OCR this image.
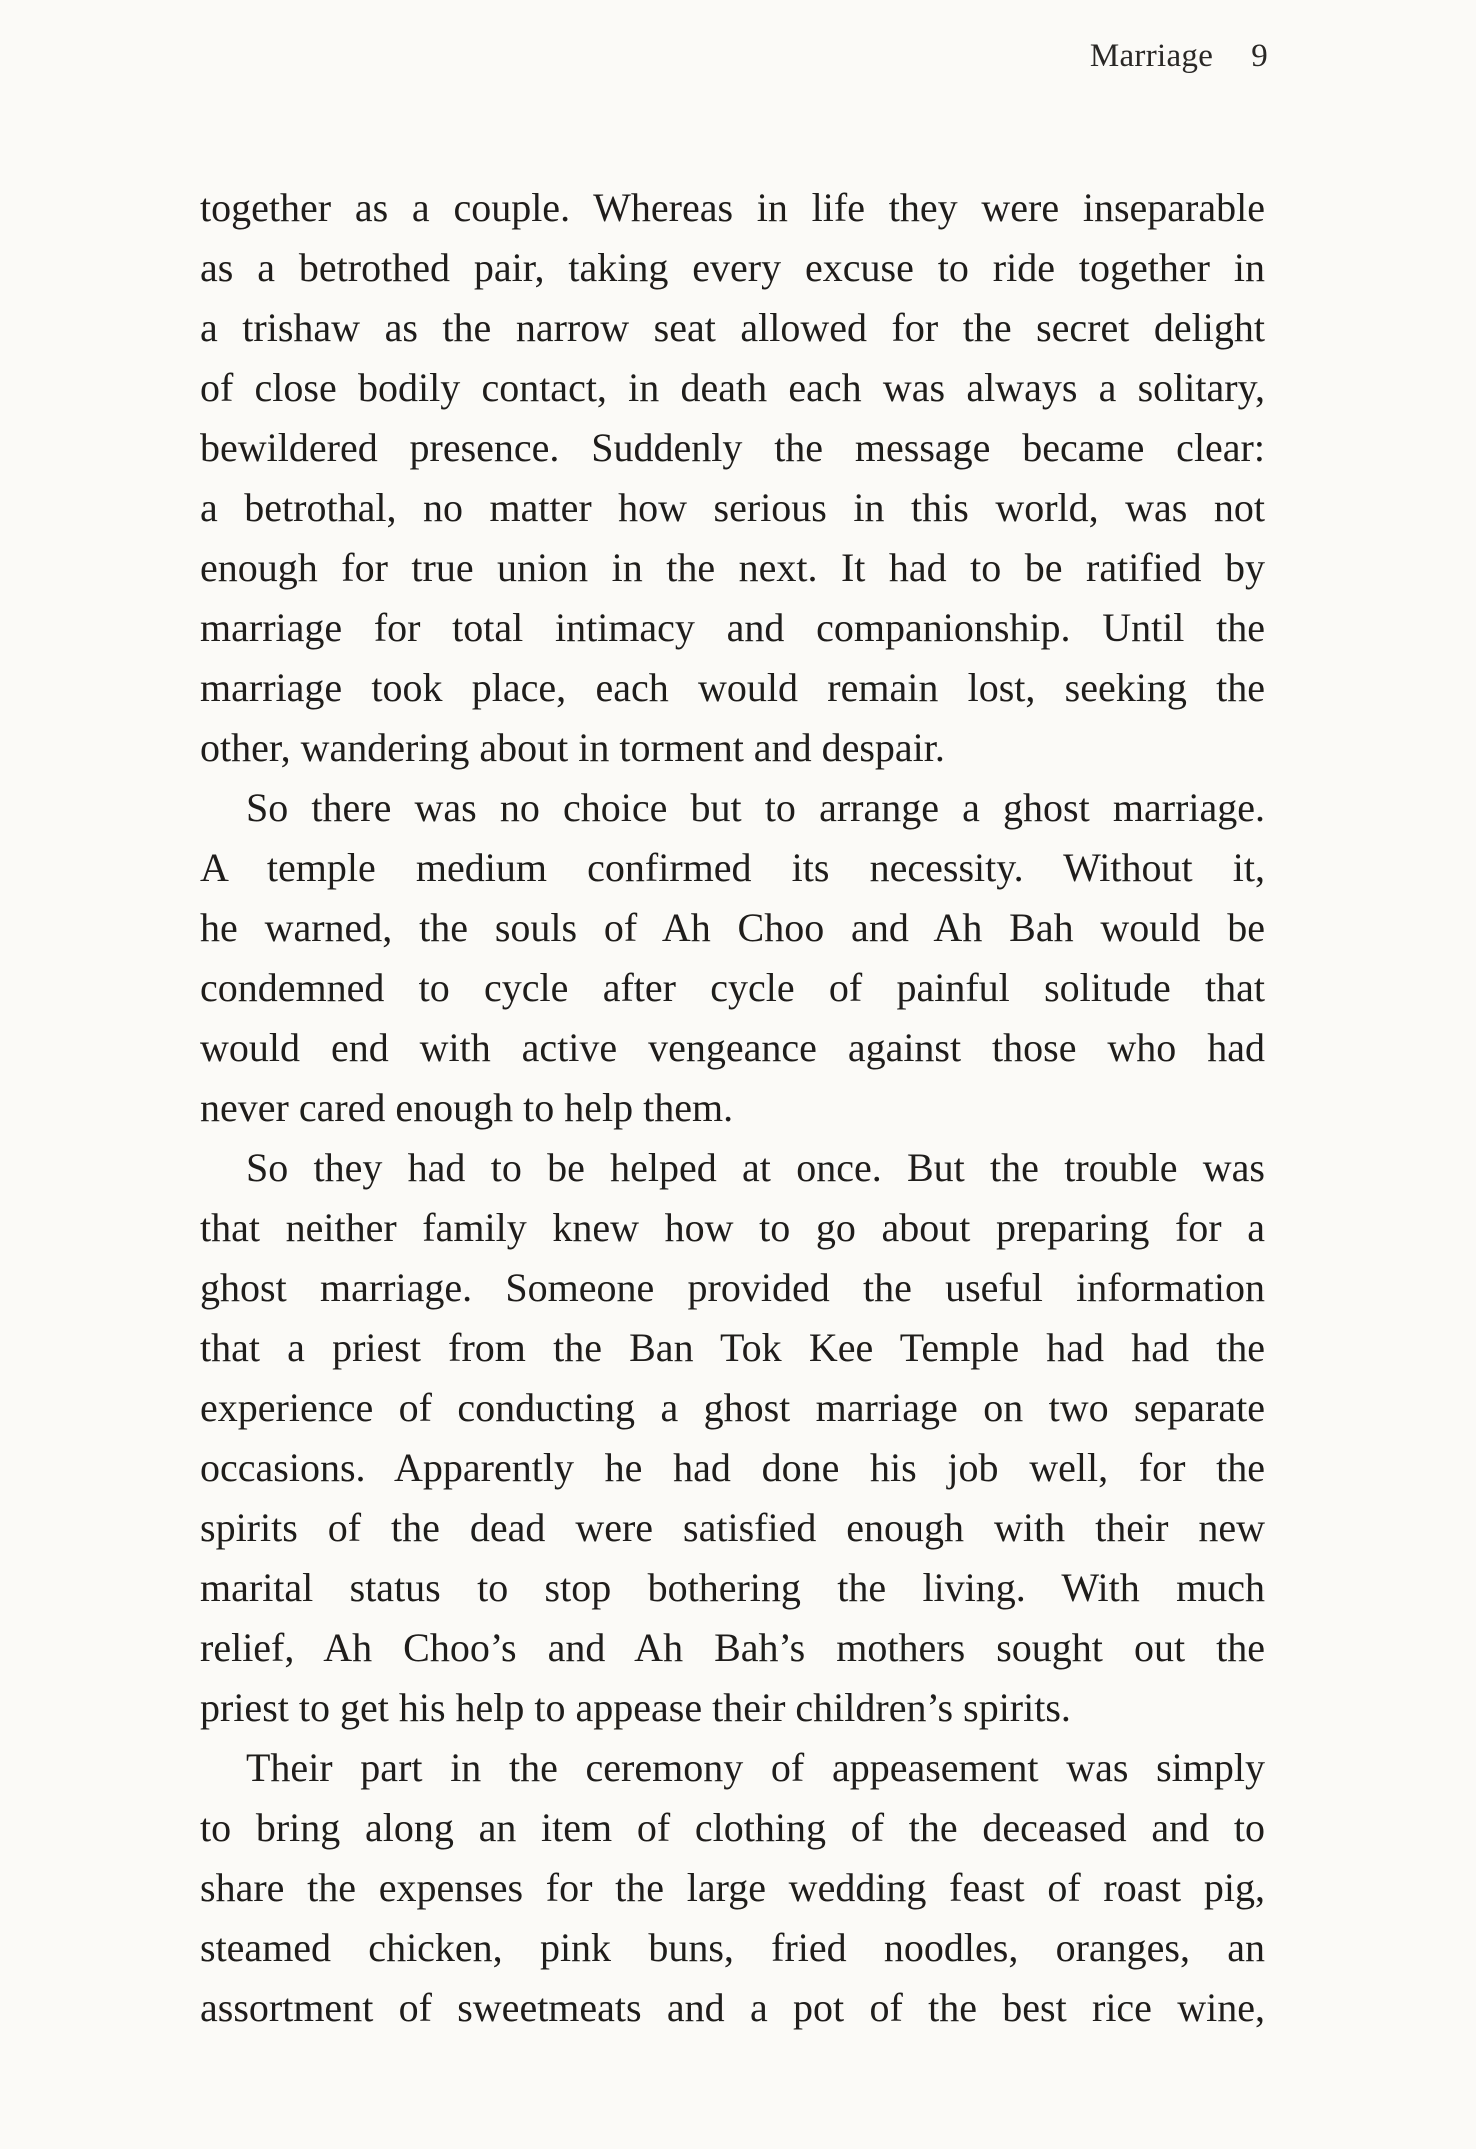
Marriage 9
together as a couple. Whereas in life they were inseparable
as a betrothed pair, taking every excuse to ride together in
a trishaw as the narrow seat allowed for the secret delight
of close bodily contact, in death each was always a solitary,
bewildered presence. Suddenly the message became clear:
a betrothal, no matter how serious in this world, was not
enough for true union in the next. It had to be ratified by
marriage for total intimacy and companionship. Until the
marriage took place, each would remain lost, seeking the
other, wandering about in torment and despair.
So there was no choice but to arrange a ghost marriage.
A temple medium confirmed its necessity. Without it,
he warned, the souls of Ah Choo and Ah Bah would be
condemned to cycle after cycle of painful solitude that
would end with active vengeance against those who had
never cared enough to help them.
So they had to be helped at once. But the trouble was
that neither family knew how to go about preparing for a
ghost marriage. Someone provided the useful information
that a priest from the Ban Tok Kee Temple had had the
experience of conducting a ghost marriage on two separate
occasions. Apparently he had done his job well, for the
spirits of the dead were satisfied enough with their new
marital status to stop bothering the living. With much
relief, Ah Choo’s and Ah Bah’s mothers sought out the
priest to get his help to appease their children’s spirits.
Their part in the ceremony of appeasement was simply
to bring along an item of clothing of the deceased and to
share the expenses for the large wedding feast of roast pig,
steamed chicken, pink buns, fried noodles, oranges, an
assortment of sweetmeats and a pot of the best rice wine,
